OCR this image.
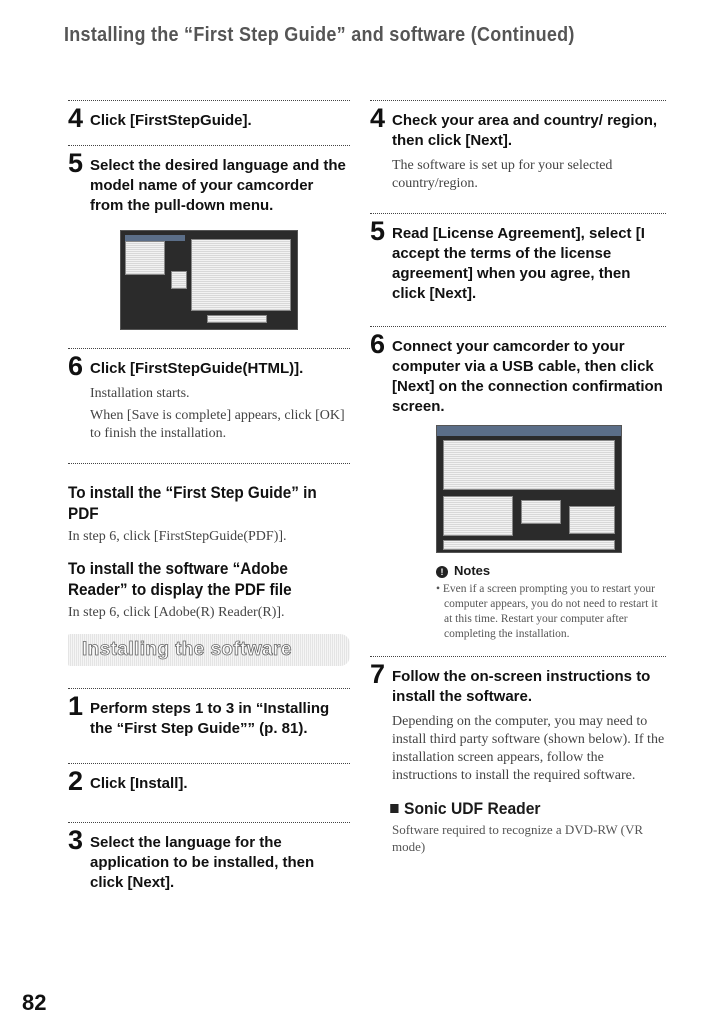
Installing the “First Step Guide” and software (Continued)
4 Click [FirstStepGuide].
5 Select the desired language and the model name of your camcorder from the pull-down menu.
6 Click [FirstStepGuide(HTML)].

Installation starts.

When [Save is complete] appears, click [OK] to finish the installation.

To install the “First Step Guide” in PDF
In step 6, click [FirstStepGuide(PDF)].
To install the software “Adobe Reader” to display the PDF file
In step 6, click [Adobe(R) Reader(R)].
Installing the software
1 Perform steps 1 to 3 in “Installing the “First Step Guide”” (p. 81).
2 Click [Install].
3 Select the language for the application to be installed, then click [Next].
4 Check your area and country/ region, then click [Next].
The software is set up for your selected country/region.
5 Read [License Agreement], select [I accept the terms of the license agreement] when you agree, then click [Next].
6 Connect your camcorder to your computer via a USB cable, then click [Next] on the connection confirmation screen.
! Notes
• Even if a screen prompting you to restart your computer appears, you do not need to restart it at this time. Restart your computer after completing the installation.
7 Follow the on-screen instructions to install the software.
Depending on the computer, you may need to install third party software (shown below). If the installation screen appears, follow the instructions to install the required software.
Sonic UDF Reader
Software required to recognize a DVD-RW (VR mode)
82
